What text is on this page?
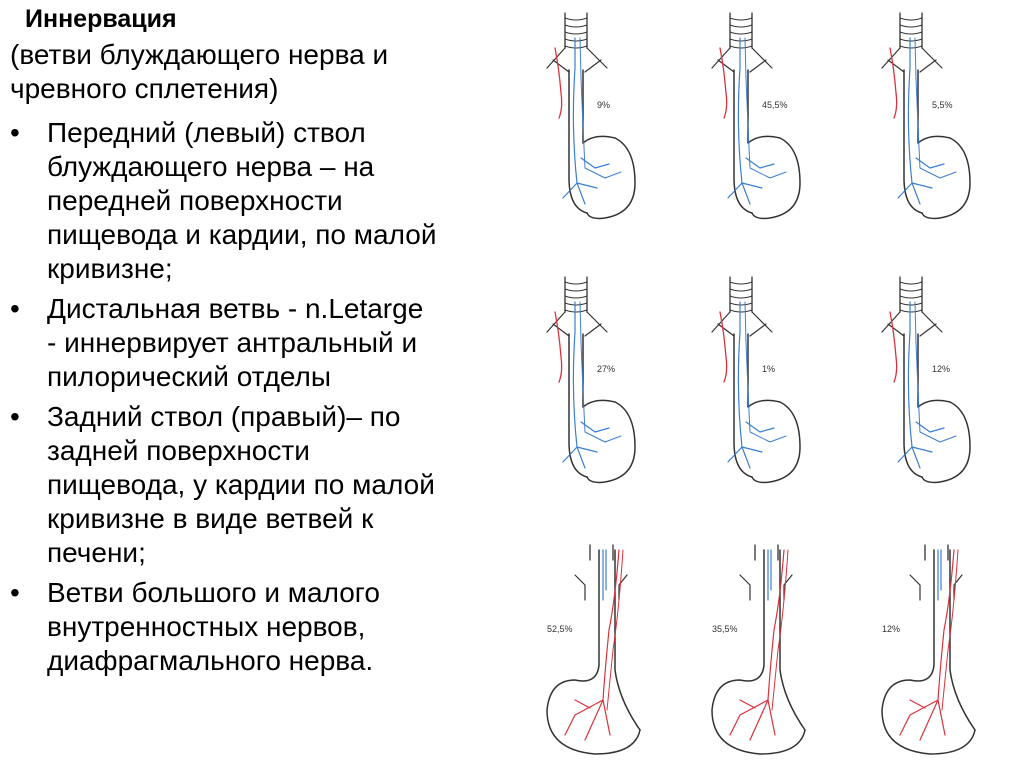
Иннервация

(ветви блуждающего нерва и
чревного сплетения)

• Передний (левый) ствол
блуждающего нерва – на
передней поверхности
пищевода и кардии, по малой
кривизне;
• Дистальная ветвь - n.Letarge
- иннервирует антральный и
пилорический отделы
• Задний ствол (правый)– по
задней поверхности
пищевода, у кардии по малой
кривизне в виде ветвей к
печени;
• Ветви большого и малого
внутренностных нервов,
диафрагмального нерва.
9%	45,5%	5,5%
27%	1%	12%
52,5%	35,5%	12%
